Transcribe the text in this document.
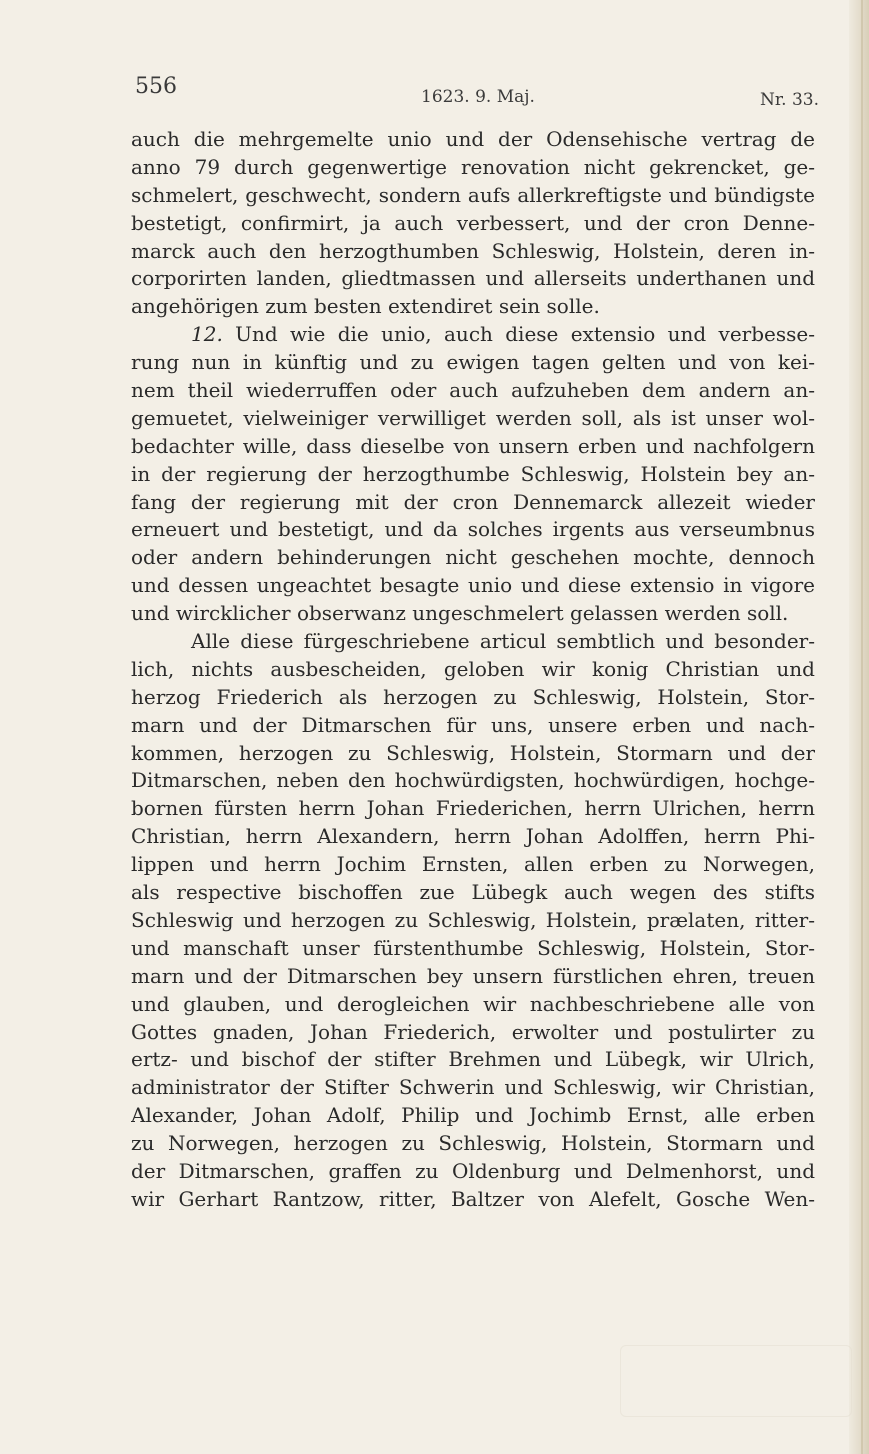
556	1623. 9. Maj.	Nr. 33.
auch die mehrgemelte unio und der Odensehische vertrag de
anno 79 durch gegenwertige renovation nicht gekrencket, ge-
schmelert, geschwecht, sondern aufs allerkreftigste und bündigste
bestetigt, confirmirt, ja auch verbessert, und der cron Denne-
marck auch den herzogthumben Schleswig, Holstein, deren in-
corporirten landen, gliedtmassen und allerseits underthanen und
angehörigen zum besten extendiret sein solle.
12. Und wie die unio, auch diese extensio und verbesse-
rung nun in künftig und zu ewigen tagen gelten und von kei-
nem theil wiederruffen oder auch aufzuheben dem andern an-
gemuetet, vielweiniger verwilliget werden soll, als ist unser wol-
bedachter wille, dass dieselbe von unsern erben und nachfolgern
in der regierung der herzogthumbe Schleswig, Holstein bey an-
fang der regierung mit der cron Dennemarck allezeit wieder
erneuert und bestetigt, und da solches irgents aus verseumbnus
oder andern behinderungen nicht geschehen mochte, dennoch
und dessen ungeachtet besagte unio und diese extensio in vigore
und wircklicher obserwanz ungeschmelert gelassen werden soll.
Alle diese fürgeschriebene articul sembtlich und besonder-
lich, nichts ausbescheiden, geloben wir konig Christian und
herzog Friederich als herzogen zu Schleswig, Holstein, Stor-
marn und der Ditmarschen für uns, unsere erben und nach-
kommen, herzogen zu Schleswig, Holstein, Stormarn und der
Ditmarschen, neben den hochwürdigsten, hochwürdigen, hochge-
bornen fürsten herrn Johan Friederichen, herrn Ulrichen, herrn
Christian, herrn Alexandern, herrn Johan Adolffen, herrn Phi-
lippen und herrn Jochim Ernsten, allen erben zu Norwegen,
als respective bischoffen zue Lübegk auch wegen des stifts
Schleswig und herzogen zu Schleswig, Holstein, prælaten, ritter-
und manschaft unser fürstenthumbe Schleswig, Holstein, Stor-
marn und der Ditmarschen bey unsern fürstlichen ehren, treuen
und glauben, und derogleichen wir nachbeschriebene alle von
Gottes gnaden, Johan Friederich, erwolter und postulirter zu
ertz- und bischof der stifter Brehmen und Lübegk, wir Ulrich,
administrator der Stifter Schwerin und Schleswig, wir Christian,
Alexander, Johan Adolf, Philip und Jochimb Ernst, alle erben
zu Norwegen, herzogen zu Schleswig, Holstein, Stormarn und
der Ditmarschen, graffen zu Oldenburg und Delmenhorst, und
wir Gerhart Rantzow, ritter, Baltzer von Alefelt, Gosche Wen-
